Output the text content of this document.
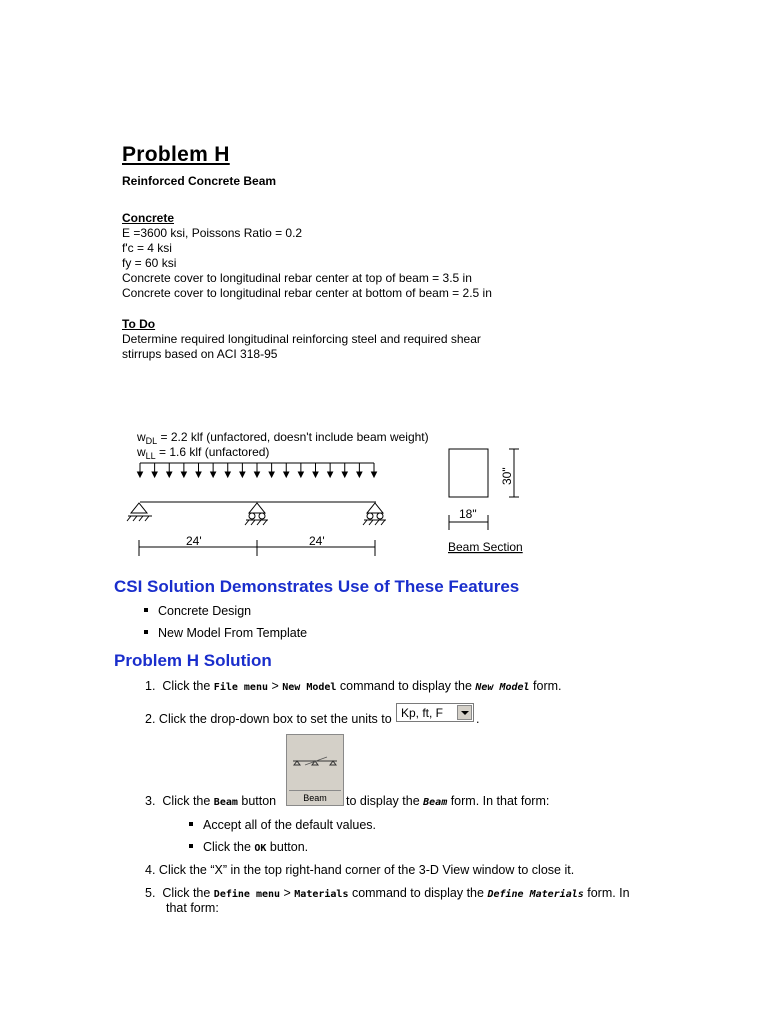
Problem H
Reinforced Concrete Beam
Concrete
E =3600 ksi, Poissons Ratio = 0.2
f'c = 4 ksi
fy = 60 ksi
Concrete cover to longitudinal rebar center at top of beam = 3.5 in
Concrete cover to longitudinal rebar center at bottom of beam = 2.5 in
To Do
Determine required longitudinal reinforcing steel and required shear
stirrups based on ACI 318-95
$w_{DL} = 2.2$ klf (unfactored, doesn't include beam weight)
$w_{LL} = 1.6$ klf (unfactored)
24'	24'
30"
18"
Beam Section
CSI Solution Demonstrates Use of These Features
Concrete Design
New Model From Template
Problem H Solution
1. Click the File menu > New Model command to display the New Model form.
2. Click the drop-down box to set the units to Kp, ft, F	.
Beam
3. Click the Beam button	to display the Beam form. In that form:
Accept all of the default values.
Click the OK button.
4. Click the “X” in the top right-hand corner of the 3-D View window to close it.
5. Click the Define menu > Materials command to display the Define Materials form. In
that form:
